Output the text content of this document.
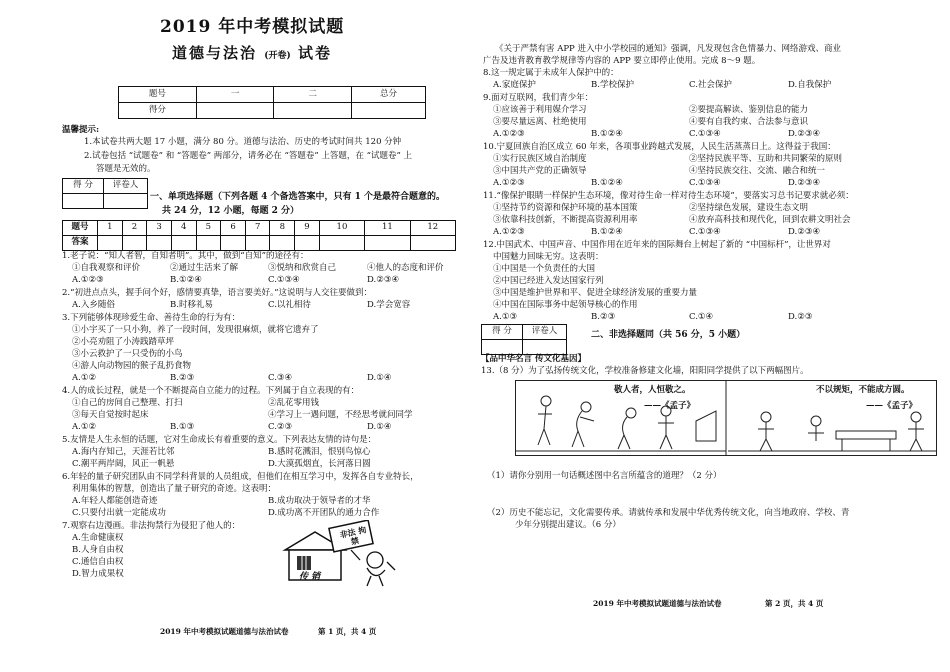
2019 年中考模拟试题
道德与法治 (开卷) 试卷
题号	一	二	总分
得分			
温馨提示:
1.本试卷共两大题 17 小题，满分 80 分。道德与法治、历史的考试时间共 120 分钟
2.试卷包括 “试题卷” 和 “答题卷” 两部分，请务必在 “答题卷” 上答题，在 “试题卷” 上
答题是无效的。
得 分	评卷人

一、单项选择题（下列各题 4 个备选答案中，只有 1 个是最符合题意的。
共 24 分，12 小题，每题 2 分）
题号	1	2	3	4	5	6	7	8	9	10	11	12
答案												
1.老子说：“知人者智，自知者明”。其中，做到“自知”的途径有：
①自我观察和评价	②通过生活来了解	③悦纳和欣赏自己	④他人的态度和评价
A.①②③	B.①②④	C.①③④	D.②③④
2.“初进点点头，握手问个好，感情要真挚，语言要美好。”这说明与人交往要做到：
A.入乡随俗	B.时移礼易	C.以礼相待	D.学会宽容
3.下列能够体现珍爱生命、善待生命的行为有：
①小宇买了一只小狗，养了一段时间，发现很麻烦，就将它遗弃了
②小亮劝阻了小涛践踏草坪
③小云救护了一只受伤的小鸟
④游人向动物园的猴子乱扔食物
A.①②	B.②③	C.③④	D.①④
4.人的成长过程，就是一个不断提高自立能力的过程。下列属于自立表现的有：
①自己的房间自己整理、打扫	②乱花零用钱
③每天自觉按时起床	④学习上一遇问题，不经思考就问同学
A.①②	B.①③	C.②③	D.①④
5.友情是人生永恒的话题，它对生命成长有着重要的意义。下列表达友情的诗句是：
A.海内存知己，天涯若比邻	B.感时花溅泪，恨别鸟惊心
C.潮平两岸阔，风正一帆悬	D.大漠孤烟直，长河落日圆
6.年轻的量子研究团队由不同学科背景的人员组成，但他们在相互学习中，发挥各自专业特长，
利用集体的智慧，创造出了量子研究的奇迹。这表明：
A.年轻人都能创造奇迹	B.成功取决于领导者的才华
C.只要付出就一定能成功	D.成功离不开团队的通力合作
7.观察右边漫画。非法拘禁行为侵犯了他人的：
A.生命健康权
B.人身自由权
C.通信自由权
D.智力成果权
非法 拘禁
传 销
2019 年中考模拟试题道德与法治试卷	第 1 页，共 4 页
《关于严禁有害 APP 进入中小学校园的通知》强调，凡发现包含色情暴力、网络游戏、商业
广告及违背教育教学规律等内容的 APP 要立即停止使用。完成 8～9 题。
8.这一规定属于未成年人保护中的：
A.家庭保护	B.学校保护	C.社会保护	D.自我保护
9.面对互联网，我们青少年：
①应该善于利用媒介学习	②要提高解读、鉴别信息的能力
③要尽量远离、杜绝使用	④要有自我约束、合法参与意识
A.①②③	B.①②④	C.①③④	D.②③④
10.宁夏回族自治区成立 60 年来，各项事业跨越式发展，人民生活蒸蒸日上。这得益于我国：
①实行民族区域自治制度	②坚持民族平等、互助和共同繁荣的原则
③中国共产党的正确领导	④坚持民族交往、交流、融合和统一
A.①②③	B.①②④	C.①③④	D.②③④
11.“像保护眼睛一样保护生态环境，像对待生命一样对待生态环境”，要落实习总书记要求就必须：
①坚持节约资源和保护环境的基本国策	②坚持绿色发展，建设生态文明
③依靠科技创新，不断提高资源利用率	④放弃高科技和现代化，回到农耕文明社会
A.①②③	B.①②④	C.①③④	D.②③④
12.中国武术、中国声音、中国作用在近年来的国际舞台上树起了新的 “中国标杆”，让世界对
中国魅力回味无穷。这表明：
①中国是一个负责任的大国
②中国已经进入发达国家行列
③中国是维护世界和平、促进全球经济发展的重要力量
④中国在国际事务中起领导核心的作用
A.①③	B.②③	C.①④	D.②③
得 分	评卷人
		二、非选择题同（共 56 分，5 小题）
【品中华名言 传文化基因】
13.（8 分）为了弘扬传统文化，学校准备修建文化墙，阳阳同学提供了以下两幅图片。
敬人者，人恒敬之。
——《孟子》
不以规矩，不能成方圆。
——《孟子》
（1）请你分别用一句话概述图中名言所蕴含的道理？（2 分）
（2）历史不能忘记，文化需要传承。请就传承和发展中华优秀传统文化，向当地政府、学校、青
少年分别提出建议。（6 分）
2019 年中考模拟试题道德与法治试卷	第 2 页，共 4 页
